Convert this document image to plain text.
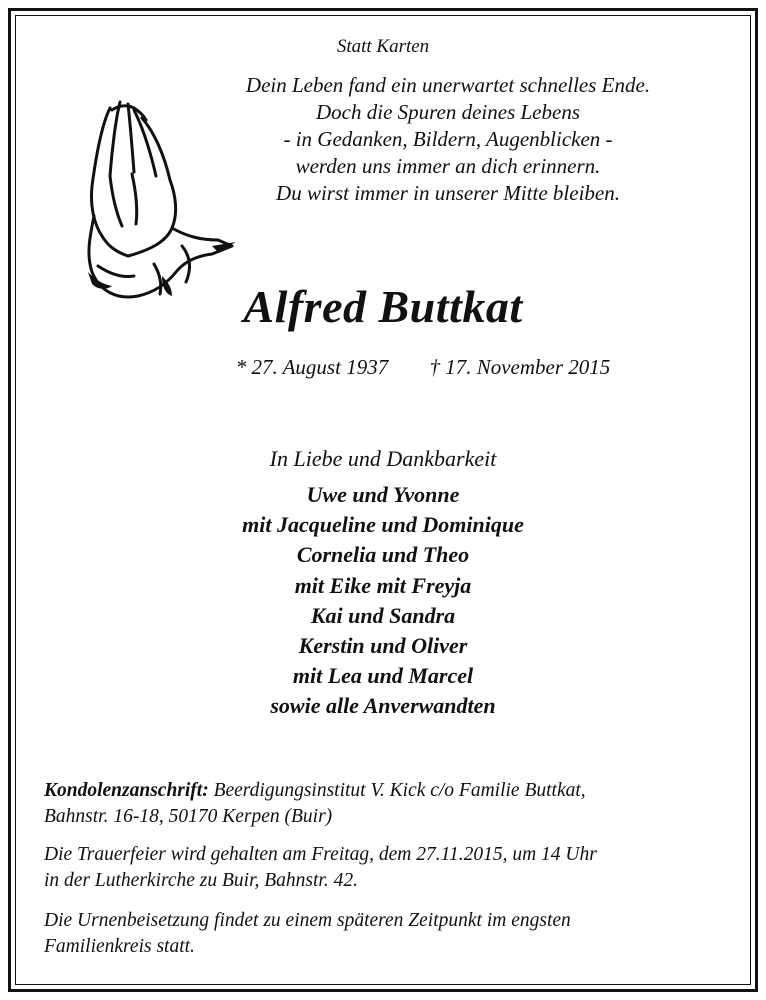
Statt Karten
Dein Leben fand ein unerwartet schnelles Ende.
Doch die Spuren deines Lebens
- in Gedanken, Bildern, Augenblicken -
werden uns immer an dich erinnern.
Du wirst immer in unserer Mitte bleiben.
Alfred Buttkat
* 27. August 1937 † 17. November 2015
In Liebe und Dankbarkeit
Uwe und Yvonne
mit Jacqueline und Dominique
Cornelia und Theo
mit Eike mit Freyja
Kai und Sandra
Kerstin und Oliver
mit Lea und Marcel
sowie alle Anverwandten
Kondolenzanschrift: Beerdigungsinstitut V. Kick c/o Familie Buttkat,
Bahnstr. 16-18, 50170 Kerpen (Buir)
Die Trauerfeier wird gehalten am Freitag, dem 27.11.2015, um 14 Uhr
in der Lutherkirche zu Buir, Bahnstr. 42.
Die Urnenbeisetzung findet zu einem späteren Zeitpunkt im engsten
Familienkreis statt.
